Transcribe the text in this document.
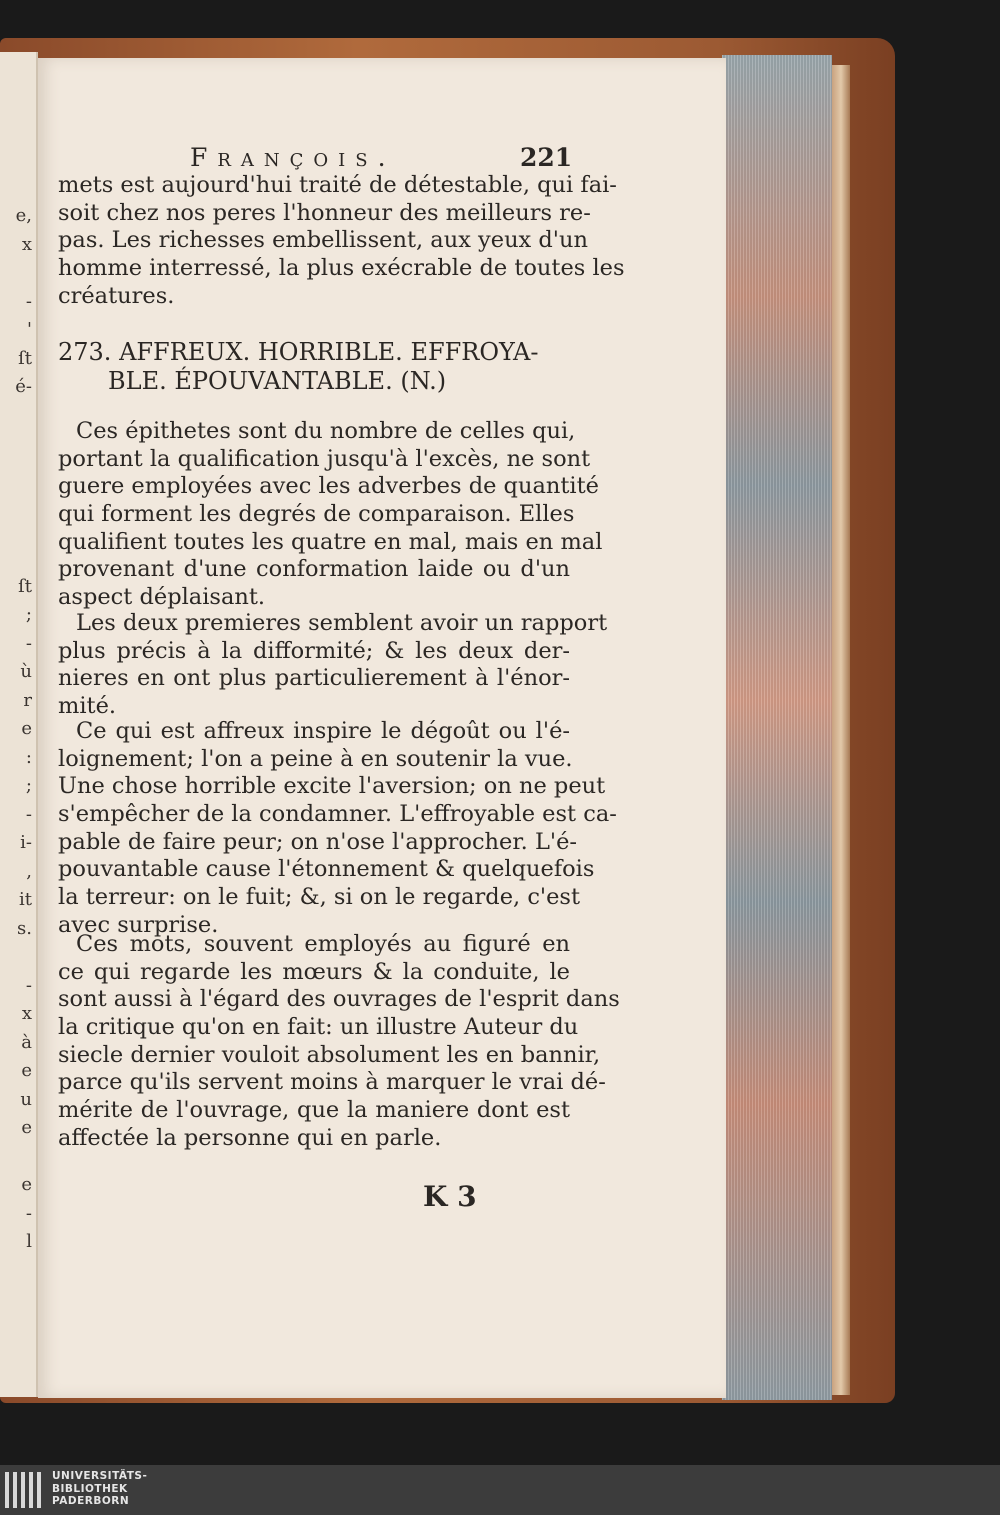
e,
x
-
'
ſt
é-
ſt
;
-
ù
r
e
:
;
-
i-
,
it
s.
-
x
à
e
u
e
e
-
l
François.	221
mets est aujourd'hui traité de détestable, qui fai-
soit chez nos peres l'honneur des meilleurs re-
pas. Les richesses embellissent, aux yeux d'un
homme interressé, la plus exécrable de toutes les
créatures.
273. AFFREUX. HORRIBLE. EFFROYA-
BLE. ÉPOUVANTABLE. (N.)
Ces épithetes sont du nombre de celles qui,
portant la qualification jusqu'à l'excès, ne sont
guere employées avec les adverbes de quantité
qui forment les degrés de comparaison. Elles
qualifient toutes les quatre en mal, mais en mal
provenant d'une conformation laide ou d'un
aspect déplaisant.
Les deux premieres semblent avoir un rapport
plus précis à la difformité; & les deux der-
nieres en ont plus particulierement à l'énor-
mité.
Ce qui est affreux inspire le dégoût ou l'é-
loignement; l'on a peine à en soutenir la vue.
Une chose horrible excite l'aversion; on ne peut
s'empêcher de la condamner. L'effroyable est ca-
pable de faire peur; on n'ose l'approcher. L'é-
pouvantable cause l'étonnement & quelquefois
la terreur: on le fuit; &, si on le regarde, c'est
avec surprise.
Ces mots, souvent employés au figuré en
ce qui regarde les mœurs & la conduite, le
sont aussi à l'égard des ouvrages de l'esprit dans
la critique qu'on en fait: un illustre Auteur du
siecle dernier vouloit absolument les en bannir,
parce qu'ils servent moins à marquer le vrai dé-
mérite de l'ouvrage, que la maniere dont est
affectée la personne qui en parle.
K 3
UNIVERSITÄTS-
BIBLIOTHEK
PADERBORN
